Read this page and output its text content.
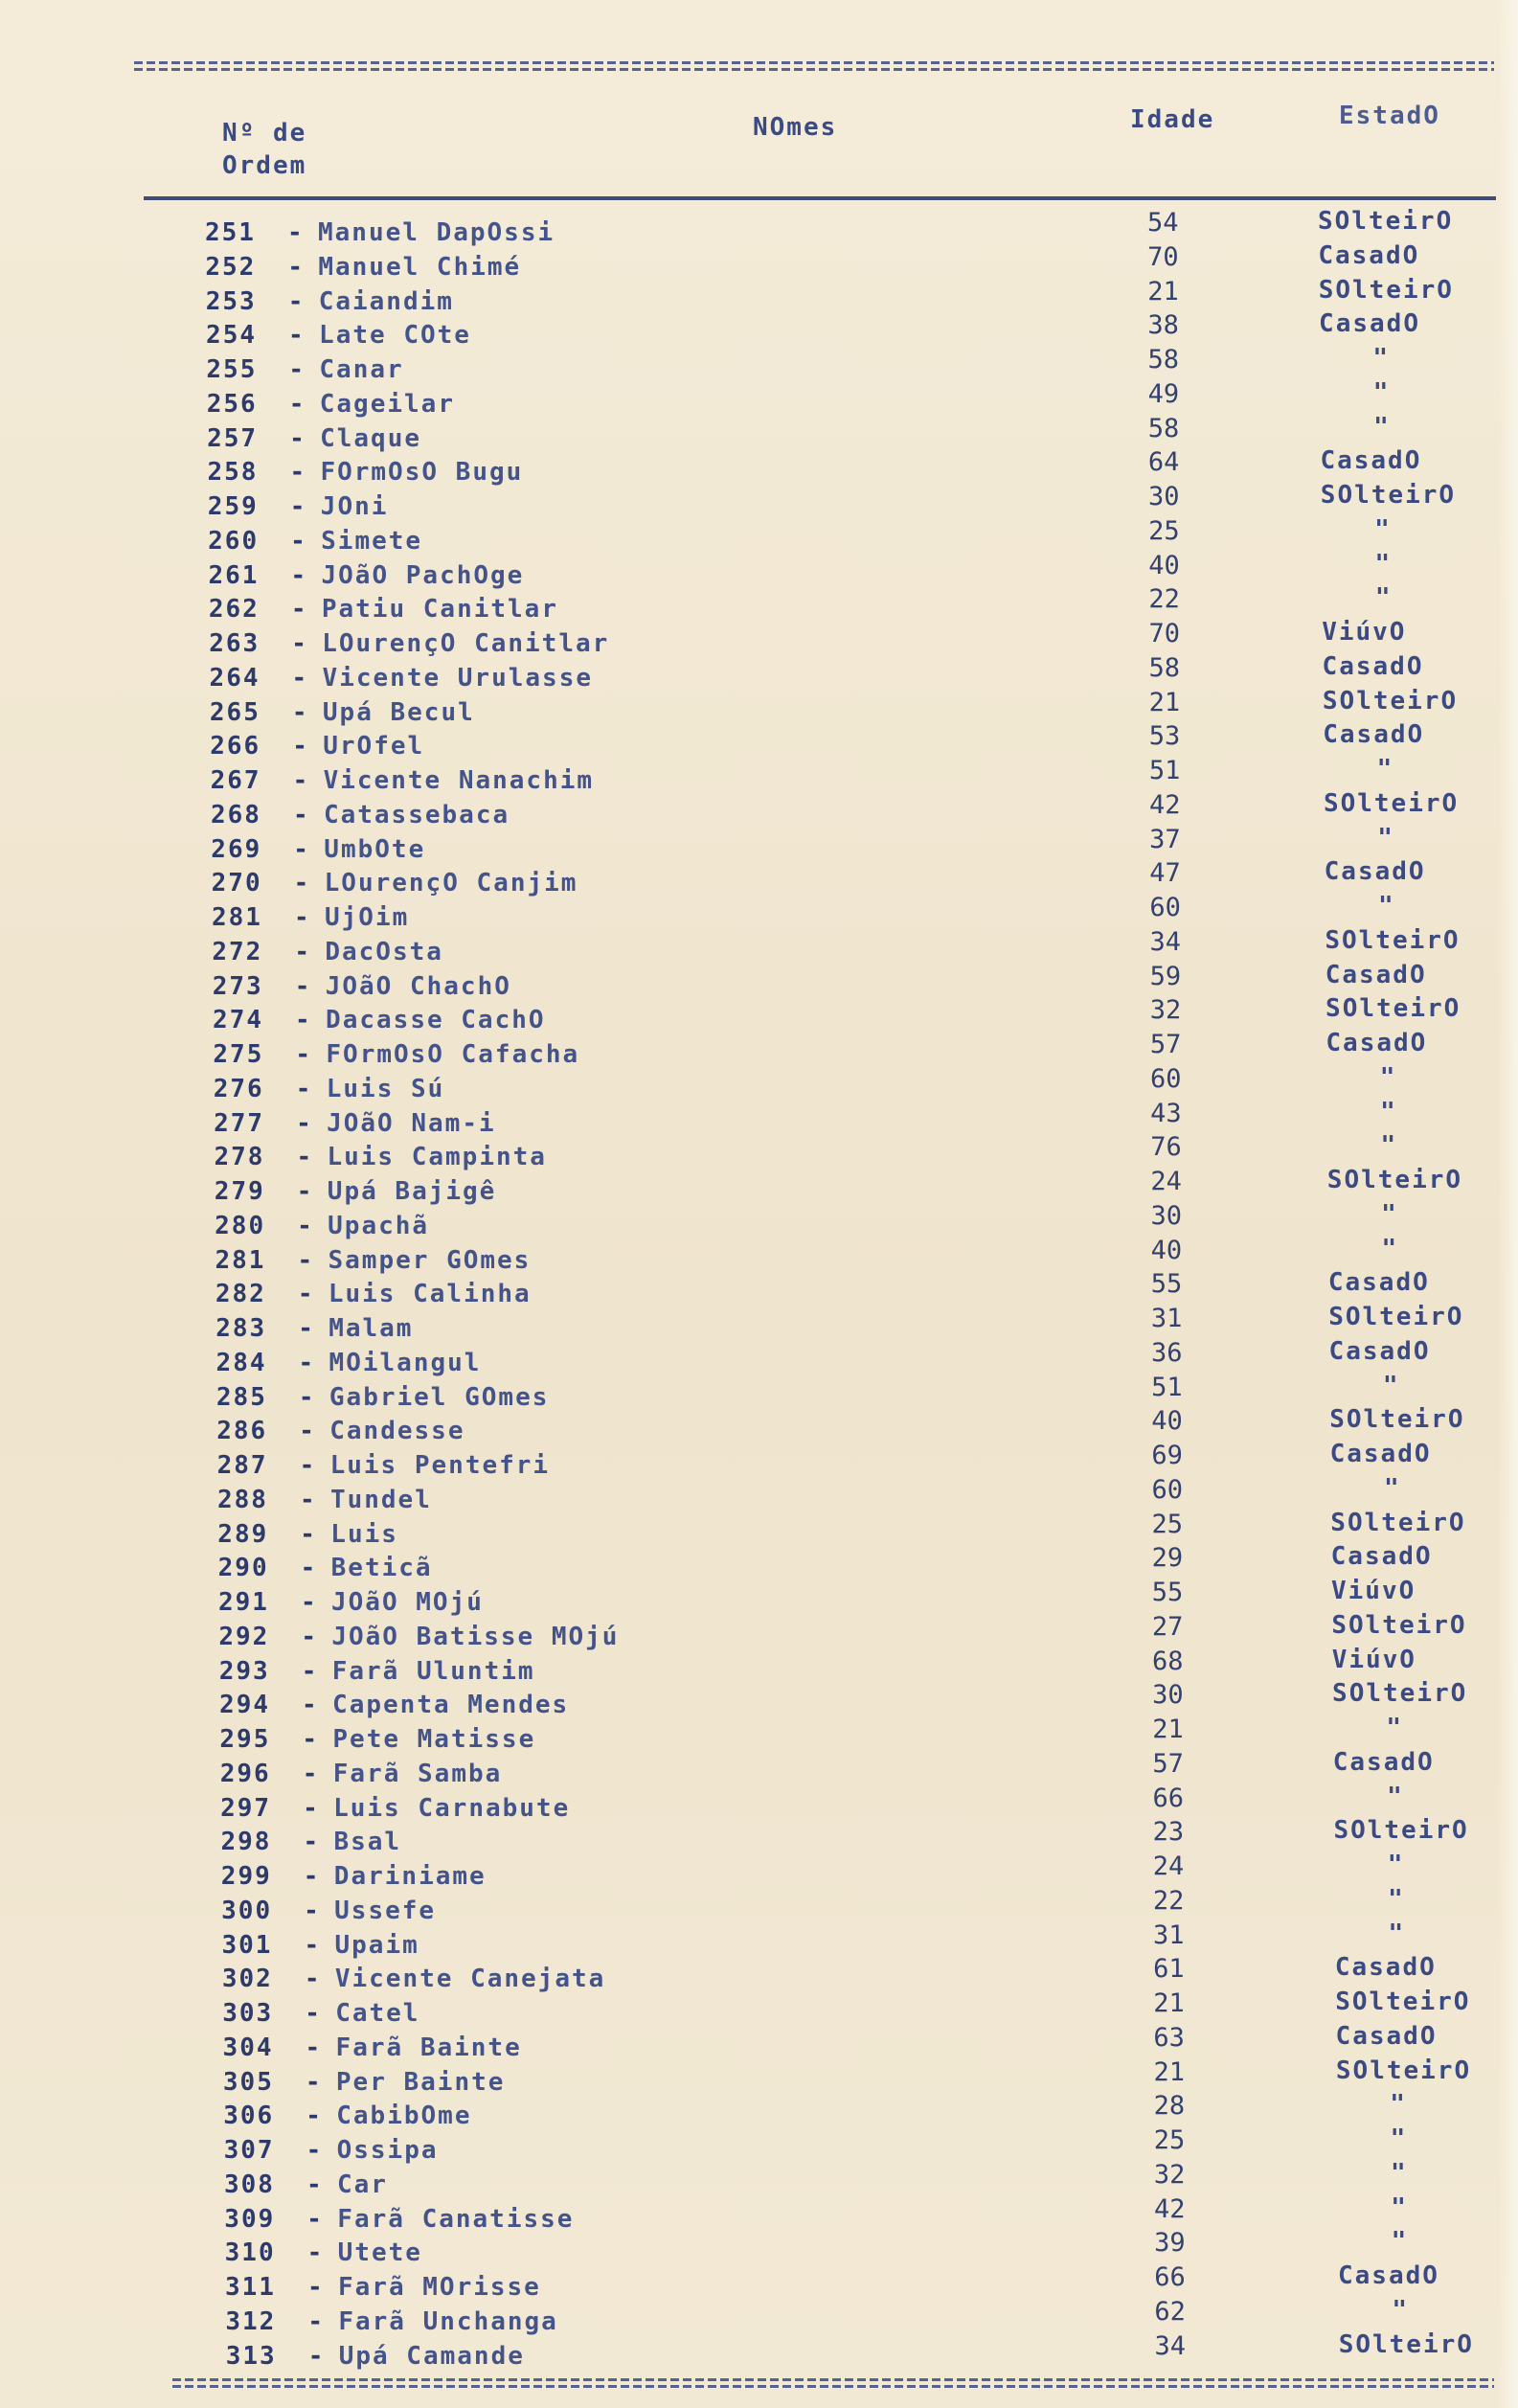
Nº de
Ordem
NOmes	Idade	EstadO
251 - Manuel DapOssi	54	SOlteirO
252 - Manuel Chimé	70	CasadO
253 - Caiandim	21	SOlteirO
254 - Late COte	38	CasadO
255 - Canar	58	"
256 - Cageilar	49	"
257 - Claque	58	"
258 - FOrmOsO Bugu	64	CasadO
259 - JOni	30	SOlteirO
260 - Simete	25	"
261 - JOãO PachOge	40	"
262 - Patiu Canitlar	22	"
263 - LOurençO Canitlar	70	ViúvO
264 - Vicente Urulasse	58	CasadO
265 - Upá Becul	21	SOlteirO
266 - UrOfel	53	CasadO
267 - Vicente Nanachim	51	"
268 - Catassebaca	42	SOlteirO
269 - UmbOte	37	"
270 - LOurençO Canjim	47	CasadO
281 - UjOim	60	"
272 - DacOsta	34	SOlteirO
273 - JOãO ChachO	59	CasadO
274 - Dacasse CachO	32	SOlteirO
275 - FOrmOsO Cafacha	57	CasadO
276 - Luis Sú	60	"
277 - JOãO Nam-i	43	"
278 - Luis Campinta	76	"
279 - Upá Bajigê	24	SOlteirO
280 - Upachã	30	"
281 - Samper GOmes	40	"
282 - Luis Calinha	55	CasadO
283 - Malam	31	SOlteirO
284 - MOilangul	36	CasadO
285 - Gabriel GOmes	51	"
286 - Candesse	40	SOlteirO
287 - Luis Pentefri	69	CasadO
288 - Tundel	60	"
289 - Luis	25	SOlteirO
290 - Beticã	29	CasadO
291 - JOãO MOjú	55	ViúvO
292 - JOãO Batisse MOjú	27	SOlteirO
293 - Farã Uluntim	68	ViúvO
294 - Capenta Mendes	30	SOlteirO
295 - Pete Matisse	21	"
296 - Farã Samba	57	CasadO
297 - Luis Carnabute	66	"
298 - Bsal	23	SOlteirO
299 - Dariniame	24	"
300 - Ussefe	22	"
301 - Upaim	31	"
302 - Vicente Canejata	61	CasadO
303 - Catel	21	SOlteirO
304 - Farã Bainte	63	CasadO
305 - Per Bainte	21	SOlteirO
306 - CabibOme	28	"
307 - Ossipa	25	"
308 - Car	32	"
309 - Farã Canatisse	42	"
310 - Utete	39	"
311 - Farã MOrisse	66	CasadO
312 - Farã Unchanga	62	"
313 - Upá Camande	34	SOlteirO
